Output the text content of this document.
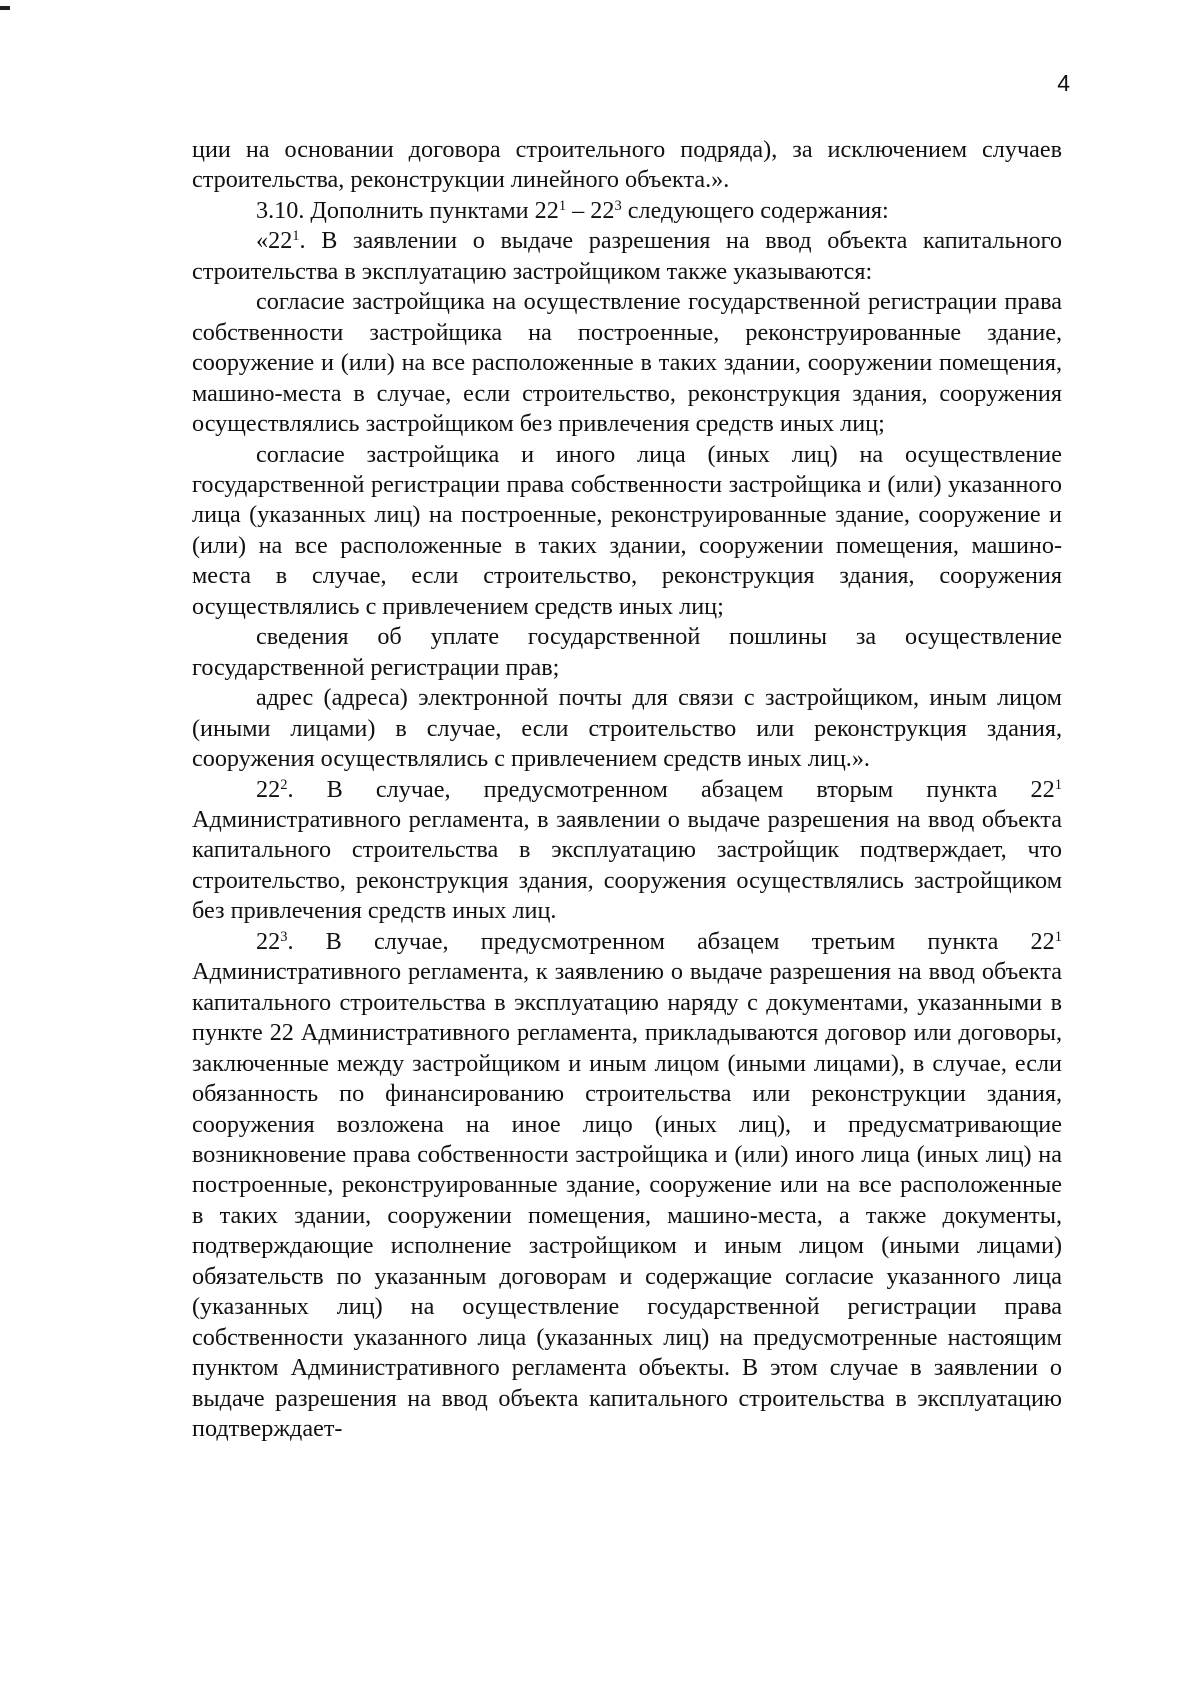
4

ции на основании договора строительного подряда), за исключением случаев строительства, реконструкции линейного объекта.».

3.10. Дополнить пунктами $22^1 - 22^3$ следующего содержания:

«$22^1$. В заявлении о выдаче разрешения на ввод объекта капитального строительства в эксплуатацию застройщиком также указываются:

согласие застройщика на осуществление государственной регистрации права собственности застройщика на построенные, реконструированные здание, сооружение и (или) на все расположенные в таких здании, сооружении помещения, машино-места в случае, если строительство, реконструкция здания, сооружения осуществлялись застройщиком без привлечения средств иных лиц;

согласие застройщика и иного лица (иных лиц) на осуществление государственной регистрации права собственности застройщика и (или) указанного лица (указанных лиц) на построенные, реконструированные здание, сооружение и (или) на все расположенные в таких здании, сооружении помещения, машино-места в случае, если строительство, реконструкция здания, сооружения осуществлялись с привлечением средств иных лиц;

сведения об уплате государственной пошлины за осуществление государственной регистрации прав;

адрес (адреса) электронной почты для связи с застройщиком, иным лицом (иными лицами) в случае, если строительство или реконструкция здания, сооружения осуществлялись с привлечением средств иных лиц.».

$22^2$. В случае, предусмотренном абзацем вторым пункта $22^1$ Административного регламента, в заявлении о выдаче разрешения на ввод объекта капитального строительства в эксплуатацию застройщик подтверждает, что строительство, реконструкция здания, сооружения осуществлялись застройщиком без привлечения средств иных лиц.

$22^3$. В случае, предусмотренном абзацем третьим пункта $22^1$ Административного регламента, к заявлению о выдаче разрешения на ввод объекта капитального строительства в эксплуатацию наряду с документами, указанными в пункте 22 Административного регламента, прикладываются договор или договоры, заключенные между застройщиком и иным лицом (иными лицами), в случае, если обязанность по финансированию строительства или реконструкции здания, сооружения возложена на иное лицо (иных лиц), и предусматривающие возникновение права собственности застройщика и (или) иного лица (иных лиц) на построенные, реконструированные здание, сооружение или на все расположенные в таких здании, сооружении помещения, машино-места, а также документы, подтверждающие исполнение застройщиком и иным лицом (иными лицами) обязательств по указанным договорам и содержащие согласие указанного лица (указанных лиц) на осуществление государственной регистрации права собственности указанного лица (указанных лиц) на предусмотренные настоящим пунктом Административного регламента объекты. В этом случае в заявлении о выдаче разрешения на ввод объекта капитального строительства в эксплуатацию подтверждает-
